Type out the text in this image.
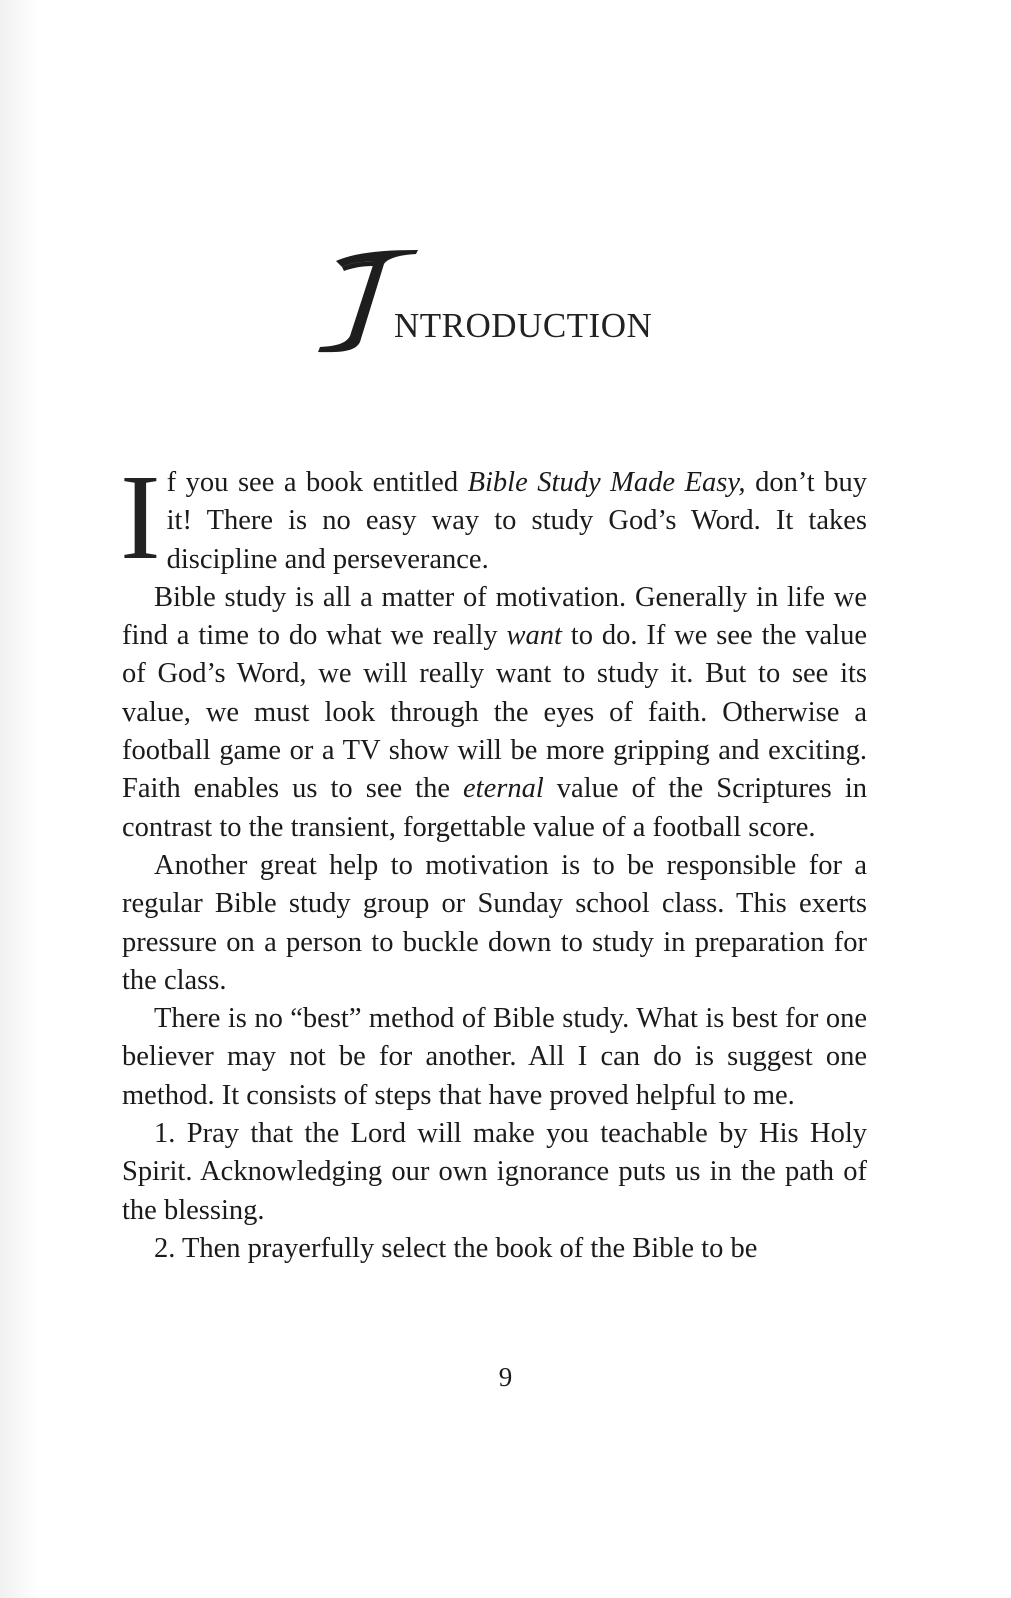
NTRODUCTION

If you see a book entitled Bible Study Made Easy, don’t buy it! There is no easy way to study God’s Word. It takes discipline and perseverance.

Bible study is all a matter of motivation. Generally in life we find a time to do what we really want to do. If we see the value of God’s Word, we will really want to study it. But to see its value, we must look through the eyes of faith. Otherwise a football game or a TV show will be more gripping and exciting. Faith enables us to see the eternal value of the Scriptures in contrast to the transient, forgettable value of a football score.

Another great help to motivation is to be responsible for a regular Bible study group or Sunday school class. This exerts pressure on a person to buckle down to study in preparation for the class.

There is no “best” method of Bible study. What is best for one believer may not be for another. All I can do is suggest one method. It consists of steps that have proved helpful to me.

1. Pray that the Lord will make you teachable by His Holy Spirit. Acknowledging our own ignorance puts us in the path of the blessing.

2. Then prayerfully select the book of the Bible to be

9
